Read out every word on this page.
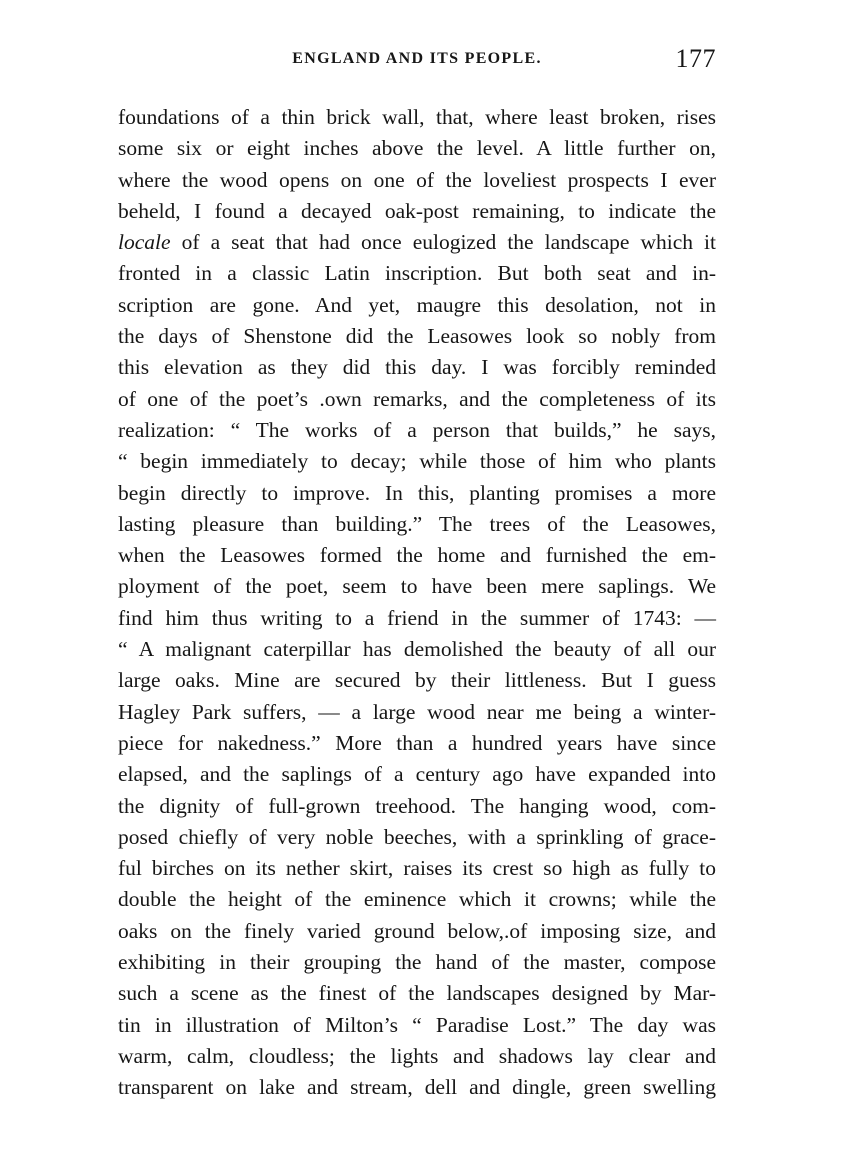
ENGLAND AND ITS PEOPLE.	177
foundations of a thin brick wall, that, where least broken, rises
some six or eight inches above the level. A little further on,
where the wood opens on one of the loveliest prospects I ever
beheld, I found a decayed oak-post remaining, to indicate the
locale of a seat that had once eulogized the landscape which it
fronted in a classic Latin inscription. But both seat and in-
scription are gone. And yet, maugre this desolation, not in
the days of Shenstone did the Leasowes look so nobly from
this elevation as they did this day. I was forcibly reminded
of one of the poet’s .own remarks, and the completeness of its
realization: “ The works of a person that builds,” he says,
“ begin immediately to decay; while those of him who plants
begin directly to improve. In this, planting promises a more
lasting pleasure than building.” The trees of the Leasowes,
when the Leasowes formed the home and furnished the em-
ployment of the poet, seem to have been mere saplings. We
find him thus writing to a friend in the summer of 1743: —
“ A malignant caterpillar has demolished the beauty of all our
large oaks. Mine are secured by their littleness. But I guess
Hagley Park suffers, — a large wood near me being a winter-
piece for nakedness.” More than a hundred years have since
elapsed, and the saplings of a century ago have expanded into
the dignity of full-grown treehood. The hanging wood, com-
posed chiefly of very noble beeches, with a sprinkling of grace-
ful birches on its nether skirt, raises its crest so high as fully to
double the height of the eminence which it crowns; while the
oaks on the finely varied ground below,.of imposing size, and
exhibiting in their grouping the hand of the master, compose
such a scene as the finest of the landscapes designed by Mar-
tin in illustration of Milton’s “ Paradise Lost.” The day was
warm, calm, cloudless; the lights and shadows lay clear and
transparent on lake and stream, dell and dingle, green swelling
